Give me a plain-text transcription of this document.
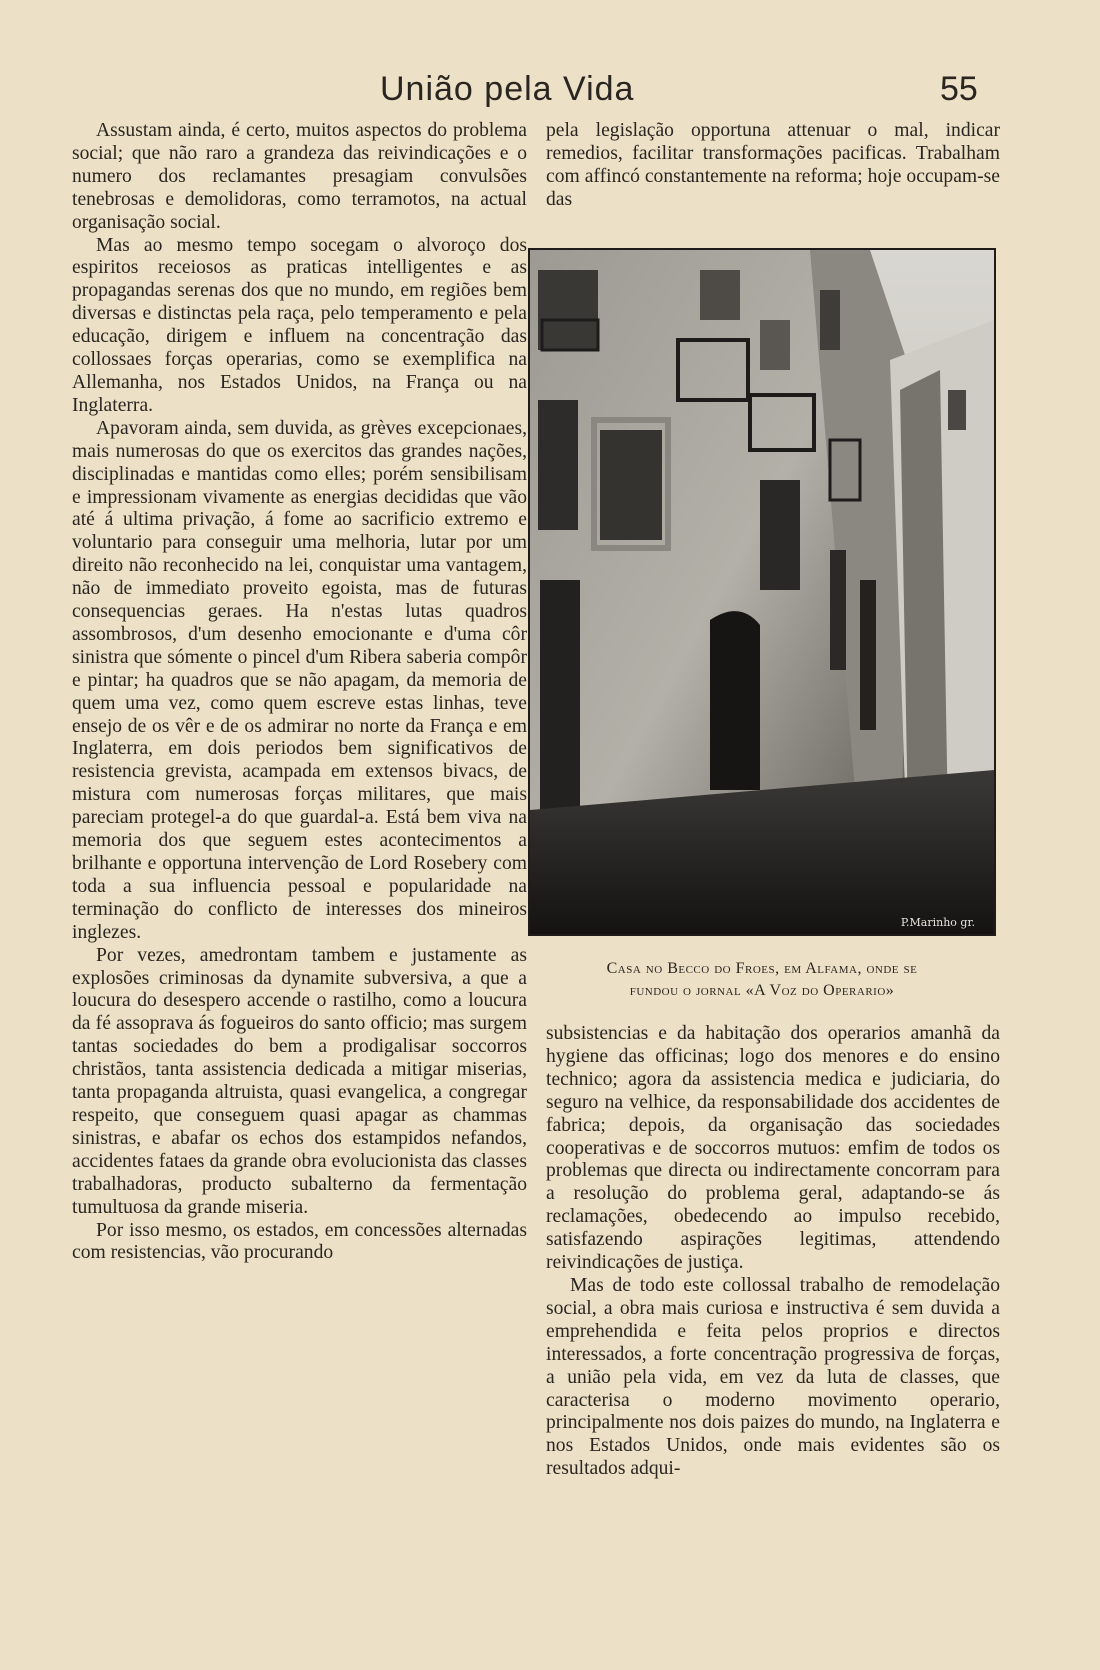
União pela Vida	55

Assustam ainda, é certo, muitos aspectos do problema social; que não raro a grandeza das reivindicações e o numero dos reclamantes presagiam convulsões tenebrosas e demolidoras, como terramotos, na actual organisação social.

Mas ao mesmo tempo socegam o alvoroço dos espiritos receiosos as praticas intelligentes e as propagandas serenas dos que no mundo, em regiões bem diversas e distinctas pela raça, pelo temperamento e pela educação, dirigem e influem na concentração das collossaes forças operarias, como se exemplifica na Allemanha, nos Estados Unidos, na França ou na Inglaterra.

Apavoram ainda, sem duvida, as grèves excepcionaes, mais numerosas do que os exercitos das grandes nações, disciplinadas e mantidas como elles; porém sensibilisam e impressionam vivamente as energias decididas que vão até á ultima privação, á fome ao sacrificio extremo e voluntario para conseguir uma melhoria, lutar por um direito não reconhecido na lei, conquistar uma vantagem, não de immediato proveito egoista, mas de futuras consequencias geraes. Ha n'estas lutas quadros assombrosos, d'um desenho emocionante e d'uma côr sinistra que sómente o pincel d'um Ribera saberia compôr e pintar; ha quadros que se não apagam, da memoria de quem uma vez, como quem escreve estas linhas, teve ensejo de os vêr e de os admirar no norte da França e em Inglaterra, em dois periodos bem significativos de resistencia grevista, acampada em extensos bivacs, de mistura com numerosas forças militares, que mais pareciam protegel-a do que guardal-a. Está bem viva na memoria dos que seguem estes acontecimentos a brilhante e opportuna intervenção de Lord Rosebery com toda a sua influencia pessoal e popularidade na terminação do conflicto de interesses dos mineiros inglezes.

Por vezes, amedrontam tambem e justamente as explosões criminosas da dynamite subversiva, a que a loucura do desespero accende o rastilho, como a loucura da fé assoprava ás fogueiros do santo officio; mas surgem tantas sociedades do bem a prodigalisar soccorros christãos, tanta assistencia dedicada a mitigar miserias, tanta propaganda altruista, quasi evangelica, a congregar respeito, que conseguem quasi apagar as chammas sinistras, e abafar os echos dos estampidos nefandos, accidentes fataes da grande obra evolucionista das classes trabalhadoras, producto subalterno da fermentação tumultuosa da grande miseria.

Por isso mesmo, os estados, em concessões alternadas com resistencias, vão procurando

pela legislação opportuna attenuar o mal, indicar remedios, facilitar transformações pacificas. Trabalham com affincó constantemente na reforma; hoje occupam-se das

P.Marinho gr.
Casa no Becco do Froes, em Alfama, onde se
fundou o jornal «A Voz do Operario»

subsistencias e da habitação dos operarios amanhã da hygiene das officinas; logo dos menores e do ensino technico; agora da assistencia medica e judiciaria, do seguro na velhice, da responsabilidade dos accidentes de fabrica; depois, da organisação das sociedades cooperativas e de soccorros mutuos: emfim de todos os problemas que directa ou indirectamente concorram para a resolução do problema geral, adaptando-se ás reclamações, obedecendo ao impulso recebido, satisfazendo aspirações legitimas, attendendo reivindicações de justiça.

Mas de todo este collossal trabalho de remodelação social, a obra mais curiosa e instructiva é sem duvida a emprehendida e feita pelos proprios e directos interessados, a forte concentração progressiva de forças, a união pela vida, em vez da luta de classes, que caracterisa o moderno movimento operario, principalmente nos dois paizes do mundo, na Inglaterra e nos Estados Unidos, onde mais evidentes são os resultados adqui-
